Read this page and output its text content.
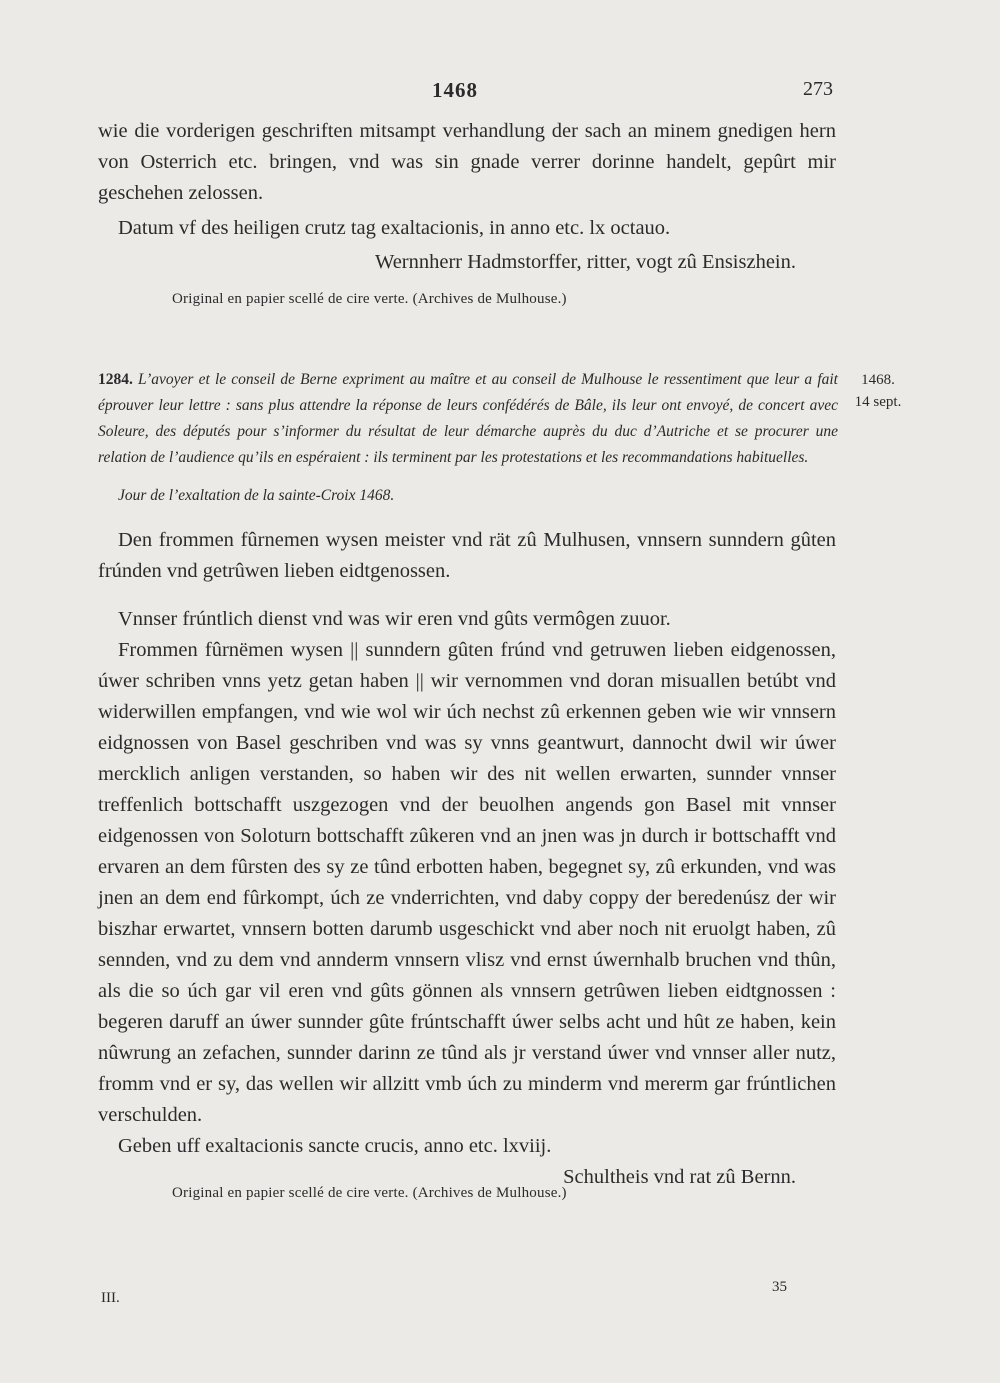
1468	273
wie die vorderigen geschriften mitsampt verhandlung der sach an minem gnedigen hern von Osterrich etc. bringen, vnd was sin gnade verrer dorinne handelt, gepûrt mir geschehen zelossen.
Datum vf des heiligen crutz tag exaltacionis, in anno etc. lx octauo.
Wernnherr Hadmstorffer, ritter, vogt zû Ensiszhein.
Original en papier scellé de cire verte. (Archives de Mulhouse.)
1284. L’avoyer et le conseil de Berne expriment au maître et au conseil de Mulhouse le ressentiment que leur a fait éprouver leur lettre : sans plus attendre la réponse de leurs confédérés de Bâle, ils leur ont envoyé, de concert avec Soleure, des députés pour s’informer du résultat de leur démarche auprès du duc d’Autriche et se procurer une relation de l’audience qu’ils en espéraient : ils terminent par les protestations et les recommandations habituelles.
1468.
14 sept.
Jour de l’exaltation de la sainte-Croix 1468.
Den frommen fûrnemen wysen meister vnd rät zû Mulhusen, vnnsern sunndern gûten frúnden vnd getrûwen lieben eidtgenossen.
Vnnser frúntlich dienst vnd was wir eren vnd gûts vermôgen zuuor.
Frommen fûrnëmen wysen || sunndern gûten frúnd vnd getruwen lieben eidgenossen, úwer schriben vnns yetz getan haben || wir vernommen vnd doran misuallen betúbt vnd widerwillen empfangen, vnd wie wol wir úch nechst zû erkennen geben wie wir vnnsern eidgnossen von Basel geschriben vnd was sy vnns geantwurt, dannocht dwil wir úwer mercklich anligen verstanden, so haben wir des nit wellen erwarten, sunnder vnnser treffenlich bottschafft uszgezogen vnd der beuolhen angends gon Basel mit vnnser eidgenossen von Soloturn bottschafft zûkeren vnd an jnen was jn durch ir bottschafft vnd ervaren an dem fûrsten des sy ze tûnd erbotten haben, begegnet sy, zû erkunden, vnd was jnen an dem end fûrkompt, úch ze vnderrichten, vnd daby coppy der beredenúsz der wir biszhar erwartet, vnnsern botten darumb usgeschickt vnd aber noch nit eruolgt haben, zû sennden, vnd zu dem vnd annderm vnnsern vlisz vnd ernst úwernhalb bruchen vnd thûn, als die so úch gar vil eren vnd gûts gönnen als vnnsern getrûwen lieben eidtgnossen : begeren daruff an úwer sunnder gûte frúntschafft úwer selbs acht und hût ze haben, kein nûwrung an zefachen, sunnder darinn ze tûnd als jr verstand úwer vnd vnnser aller nutz, fromm vnd er sy, das wellen wir allzitt vmb úch zu minderm vnd mererm gar frúntlichen verschulden.
Geben uff exaltacionis sancte crucis, anno etc. lxviij.
Schultheis vnd rat zû Bernn.
Original en papier scellé de cire verte. (Archives de Mulhouse.)
III.
35
